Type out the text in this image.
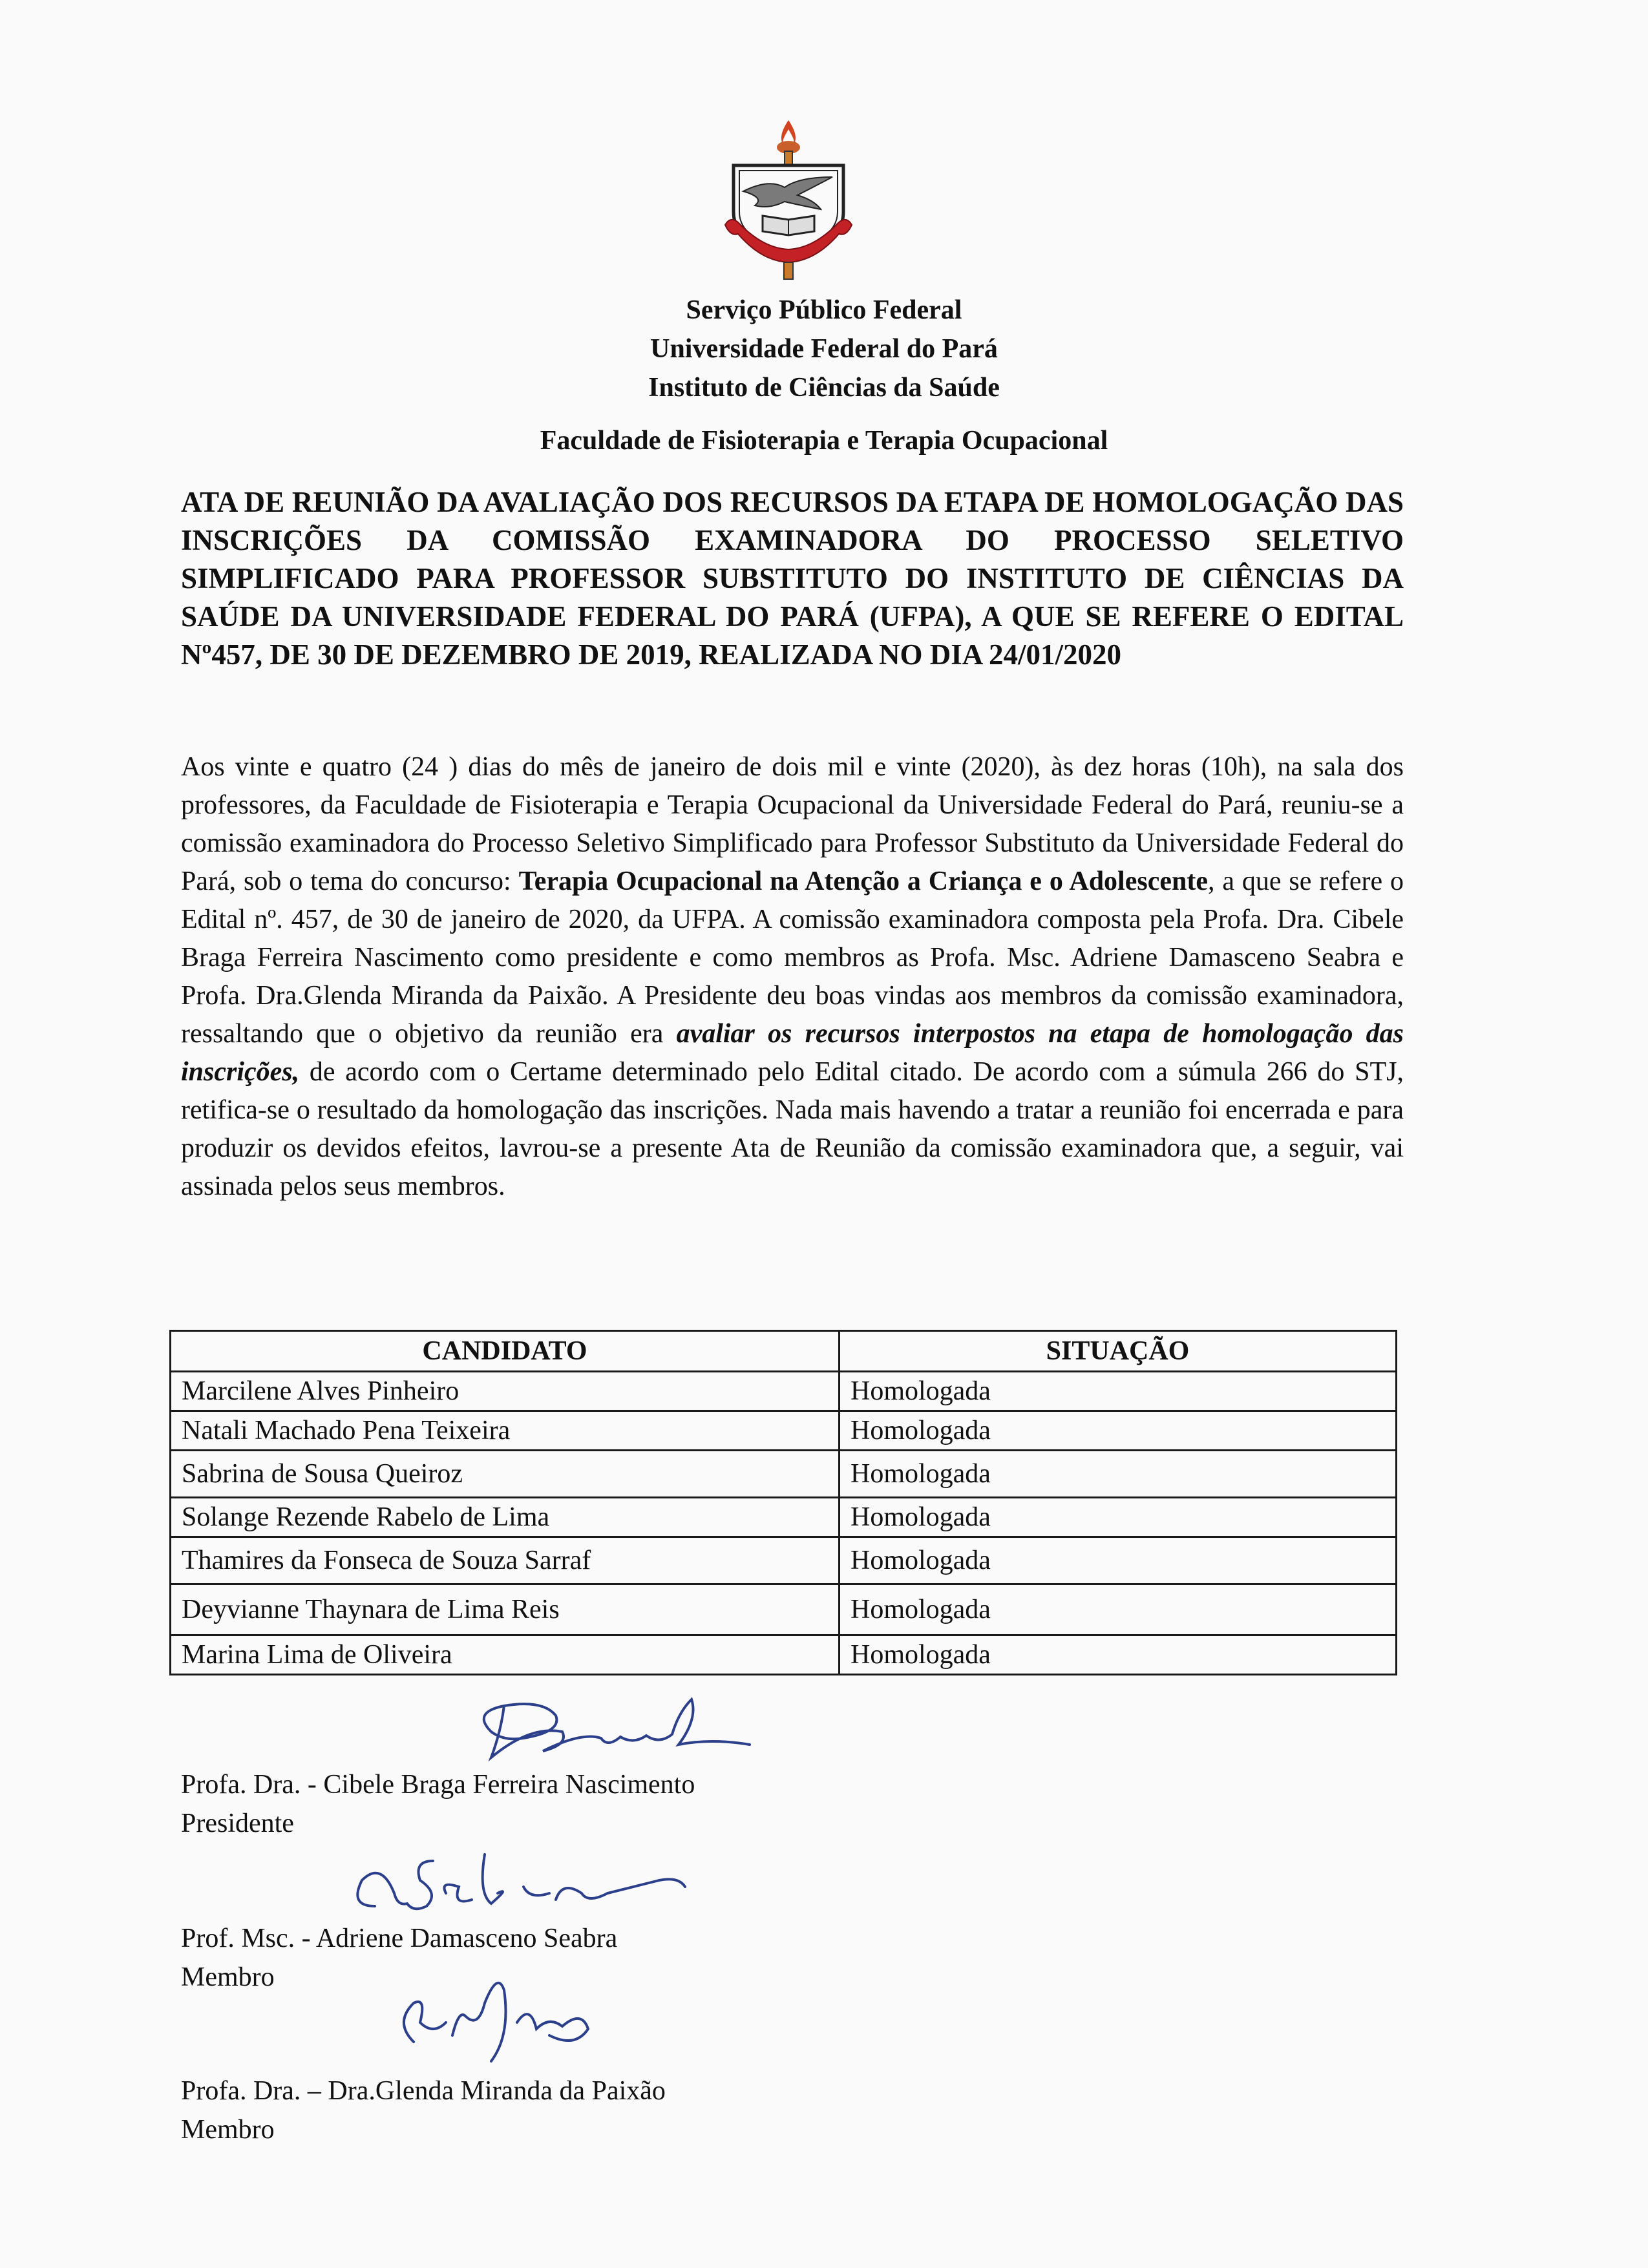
Serviço Público Federal
Universidade Federal do Pará
Instituto de Ciências da Saúde
Faculdade de Fisioterapia e Terapia Ocupacional
ATA DE REUNIÃO DA AVALIAÇÃO DOS RECURSOS DA ETAPA DE HOMOLOGAÇÃO DAS INSCRIÇÕES DA COMISSÃO EXAMINADORA DO PROCESSO SELETIVO SIMPLIFICADO PARA PROFESSOR SUBSTITUTO DO INSTITUTO DE CIÊNCIAS DA SAÚDE DA UNIVERSIDADE FEDERAL DO PARÁ (UFPA), A QUE SE REFERE O EDITAL Nº457, DE 30 DE DEZEMBRO DE 2019, REALIZADA NO DIA 24/01/2020

Aos vinte e quatro (24 ) dias do mês de janeiro de dois mil e vinte (2020), às dez horas (10h), na sala dos professores, da Faculdade de Fisioterapia e Terapia Ocupacional da Universidade Federal do Pará, reuniu-se a comissão examinadora do Processo Seletivo Simplificado para Professor Substituto da Universidade Federal do Pará, sob o tema do concurso: Terapia Ocupacional na Atenção a Criança e o Adolescente, a que se refere o Edital nº. 457, de 30 de janeiro de 2020, da UFPA. A comissão examinadora composta pela Profa. Dra. Cibele Braga Ferreira Nascimento como presidente e como membros as Profa. Msc. Adriene Damasceno Seabra e Profa. Dra.Glenda Miranda da Paixão. A Presidente deu boas vindas aos membros da comissão examinadora, ressaltando que o objetivo da reunião era avaliar os recursos interpostos na etapa de homologação das inscrições, de acordo com o Certame determinado pelo Edital citado. De acordo com a súmula 266 do STJ, retifica-se o resultado da homologação das inscrições. Nada mais havendo a tratar a reunião foi encerrada e para produzir os devidos efeitos, lavrou-se a presente Ata de Reunião da comissão examinadora que, a seguir, vai assinada pelos seus membros.

CANDIDATO	SITUAÇÃO
Marcilene Alves Pinheiro	Homologada
Natali Machado Pena Teixeira	Homologada
Sabrina de Sousa Queiroz	Homologada
Solange Rezende Rabelo de Lima	Homologada
Thamires da Fonseca de Souza Sarraf	Homologada
Deyvianne Thaynara de Lima Reis	Homologada
Marina Lima de Oliveira	Homologada
Profa. Dra. - Cibele Braga Ferreira Nascimento
Presidente
Prof. Msc. - Adriene Damasceno Seabra
Membro
Profa. Dra. – Dra.Glenda Miranda da Paixão
Membro
